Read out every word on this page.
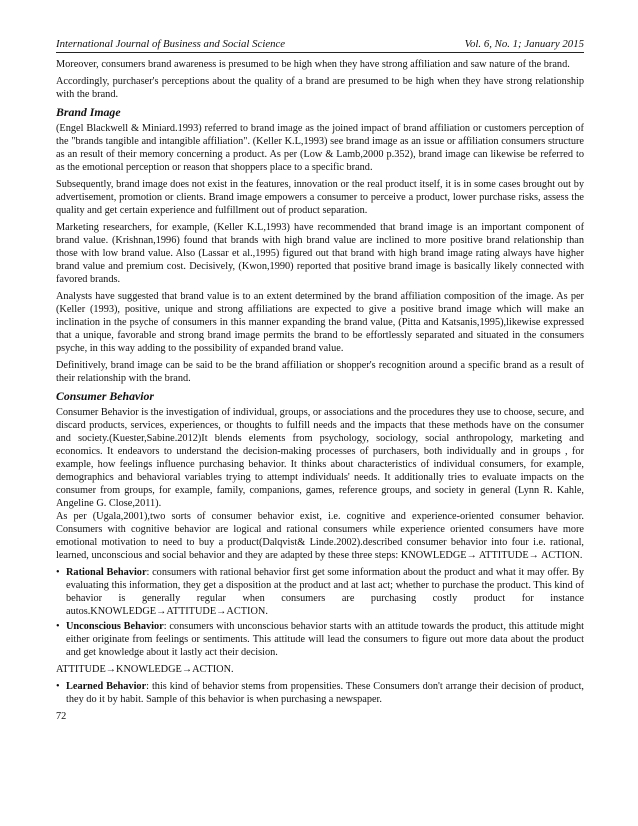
International Journal of Business and Social Science	Vol. 6, No. 1; January 2015

Moreover, consumers brand awareness is presumed to be high when they have strong affiliation and saw nature of the brand.

Accordingly, purchaser's perceptions about the quality of a brand are presumed to be high when they have strong relationship with the brand.

Brand Image

(Engel Blackwell & Miniard.1993) referred to brand image as the joined impact of brand affiliation or customers perception of the "brands tangible and intangible affiliation". (Keller K.L,1993) see brand image as an issue or affiliation consumers structure as an result of their memory concerning a product. As per (Low & Lamb,2000 p.352), brand image can likewise be referred to as the emotional perception or reason that shoppers place to a specific brand.

Subsequently, brand image does not exist in the features, innovation or the real product itself, it is in some cases brought out by advertisement, promotion or clients. Brand image empowers a consumer to perceive a product, lower purchase risks, assess the quality and get certain experience and fulfillment out of product separation.

Marketing researchers, for example, (Keller K.L,1993) have recommended that brand image is an important component of brand value. (Krishnan,1996) found that brands with high brand value are inclined to more positive brand relationship than those with low brand value. Also (Lassar et al.,1995) figured out that brand with high brand image rating always have higher brand value and premium cost. Decisively, (Kwon,1990) reported that positive brand image is basically likely connected with favored brands.

Analysts have suggested that brand value is to an extent determined by the brand affiliation composition of the image. As per (Keller (1993), positive, unique and strong affiliations are expected to give a positive brand image which will make an inclination in the psyche of consumers in this manner expanding the brand value, (Pitta and Katsanis,1995),likewise expressed that a unique, favorable and strong brand image permits the brand to be effortlessly separated and situated in the consumers psyche, in this way adding to the possibility of expanded brand value.

Definitively, brand image can be said to be the brand affiliation or shopper's recognition around a specific brand as a result of their relationship with the brand.

Consumer Behavior

Consumer Behavior is the investigation of individual, groups, or associations and the procedures they use to choose, secure, and discard products, services, experiences, or thoughts to fulfill needs and the impacts that these methods have on the consumer and society.(Kuester,Sabine.2012)It blends elements from psychology, sociology, social anthropology, marketing and economics. It endeavors to understand the decision-making processes of purchasers, both individually and in groups , for example, how feelings influence purchasing behavior. It thinks about characteristics of individual consumers, for example, demographics and behavioral variables trying to attempt individuals' needs. It additionally tries to evaluate impacts on the consumer from groups, for example, family, companions, games, reference groups, and society in general (Lynn R. Kahle, Angeline G. Close,2011).

As per (Ugala,2001),two sorts of consumer behavior exist, i.e. cognitive and experience-oriented consumer behavior. Consumers with cognitive behavior are logical and rational consumers while experience oriented consumers have more emotional motivation to need to buy a product(Dalqvist& Linde.2002).described consumer behavior into four i.e. rational, learned, unconscious and social behavior and they are adapted by these three steps: KNOWLEDGE→ ATTITUDE→ ACTION.

• Rational Behavior: consumers with rational behavior first get some information about the product and what it may offer. By evaluating this information, they get a disposition at the product and at last act; whether to purchase the product. This kind of behavior is generally regular when consumers are purchasing costly product for instance autos.KNOWLEDGE→ATTITUDE→ACTION.
• Unconscious Behavior: consumers with unconscious behavior starts with an attitude towards the product, this attitude might either originate from feelings or sentiments. This attitude will lead the consumers to figure out more data about the product and get knowledge about it lastly act their decision.

ATTITUDE→KNOWLEDGE→ACTION.

• Learned Behavior: this kind of behavior stems from propensities. These Consumers don't arrange their decision of product, they do it by habit. Sample of this behavior is when purchasing a newspaper.
72
